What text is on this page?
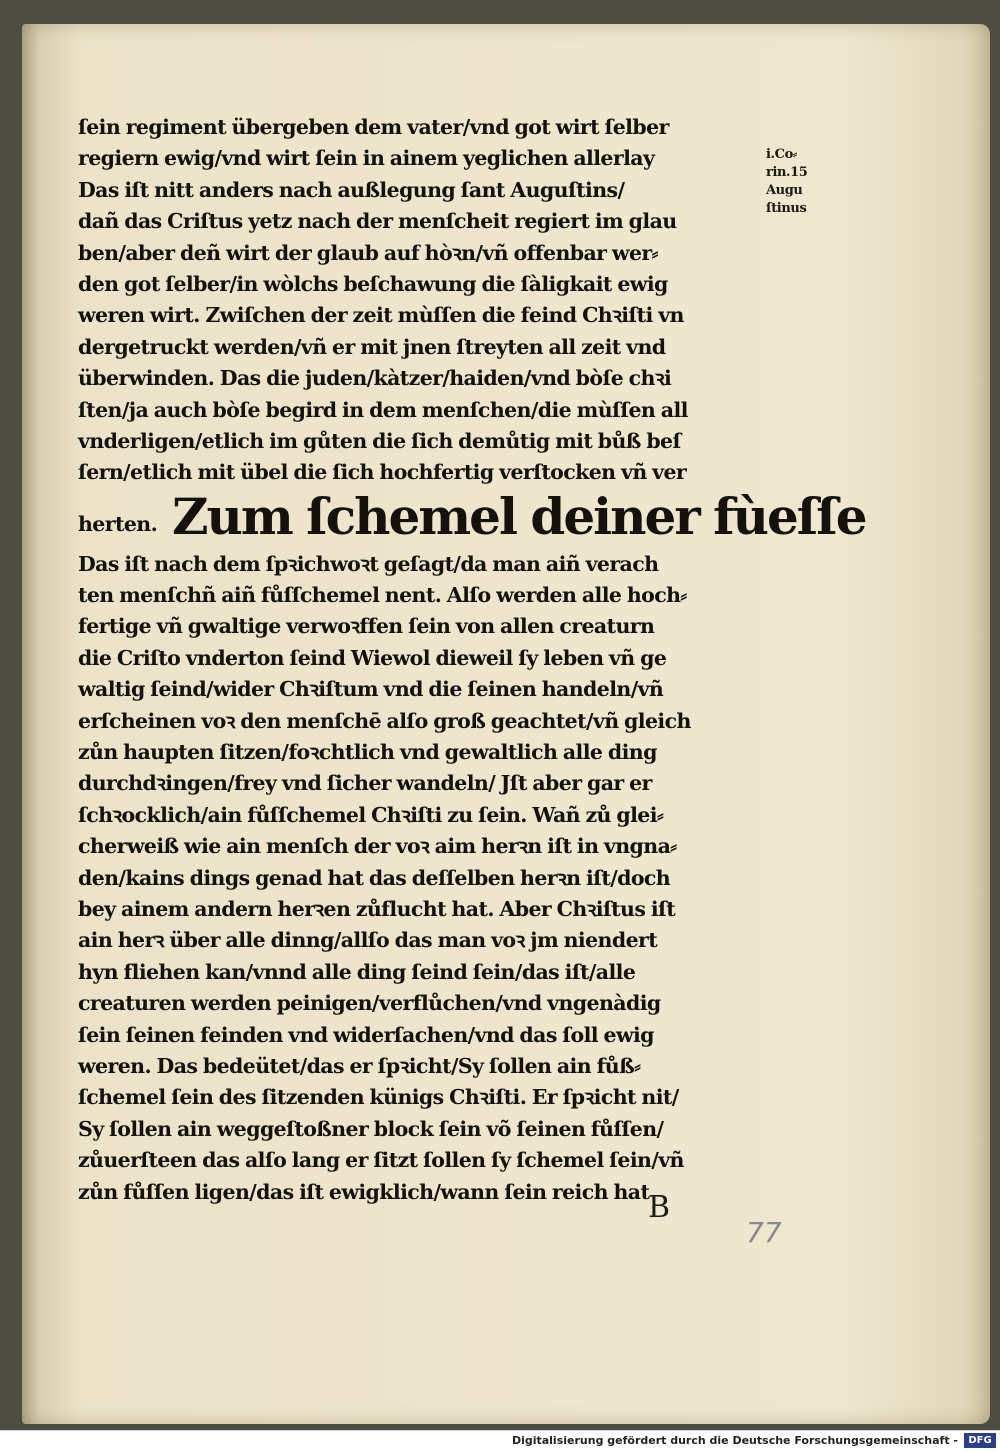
ſein regiment übergeben dem vater/vnd got wirt ſelber
regiern ewig/vnd wirt ſein in ainem yeglichen allerlay
Das iſt nitt anders nach außlegung ſant Auguſtins/
dañ das Criſtus yetz nach der menſcheit regiert im glau
ben/aber deñ wirt der glaub auf hòꝛn/vñ offenbar wer⸗
den got ſelber/in wòlchs beſchawung die ſàligkait ewig
weren wirt. Zwiſchen der zeit mùſſen die feind Chꝛiſti vn
dergetruckt werden/vñ er mit jnen ſtreyten all zeit vnd
überwinden. Das die juden/kàtzer/haiden/vnd bòſe chꝛi
ſten/ja auch bòſe begird in dem menſchen/die mùſſen all
vnderligen/etlich im gůten die ſich demůtig mit bůß beſ
ſern/etlich mit übel die ſich hochfertig verſtocken vñ ver
herten. Zum ſchemel deiner fùeſſe
Das iſt nach dem ſpꝛichwoꝛt geſagt/da man aiñ verach
ten menſchñ aiñ fůſſchemel nent. Alſo werden alle hoch⸗
fertige vñ gwaltige verwoꝛffen ſein von allen creaturn
die Criſto vnderton ſeind Wiewol dieweil ſy leben vñ ge
waltig ſeind/wider Chꝛiſtum vnd die ſeinen handeln/vñ
erſcheinen voꝛ den menſchē alſo groß geachtet/vñ gleich
zůn haupten ſitzen/foꝛchtlich vnd gewaltlich alle ding
durchdꝛingen/frey vnd ſicher wandeln/ Jſt aber gar er
ſchꝛocklich/ain fůſſchemel Chꝛiſti zu ſein. Wañ zů glei⸗
cherweiß wie ain menſch der voꝛ aim herꝛn iſt in vngna⸗
den/kains dings genad hat das deſſelben herꝛn iſt/doch
bey ainem andern herꝛen zůflucht hat. Aber Chꝛiſtus iſt
ain herꝛ über alle dinng/allſo das man voꝛ jm niendert
hyn fliehen kan/vnnd alle ding ſeind ſein/das iſt/alle
creaturen werden peinigen/verflůchen/vnd vngenàdig
ſein ſeinen feinden vnd widerſachen/vnd das ſoll ewig
weren. Das bedeütet/das er ſpꝛicht/Sy ſollen ain fůß⸗
ſchemel ſein des ſitzenden künigs Chꝛiſti. Er ſpꝛicht nit/
Sy ſollen ain weggeſtoßner block ſein võ ſeinen fůſſen/
zůuerſteen das alſo lang er ſitzt ſollen ſy ſchemel ſein/vñ
zůn fůſſen ligen/das iſt ewigklich/wann ſein reich hat
i.Co⸗
rin.15
Augu
ſtinus
B
77
Digitalisierung gefördert durch die Deutsche Forschungsgemeinschaft -	DFG
